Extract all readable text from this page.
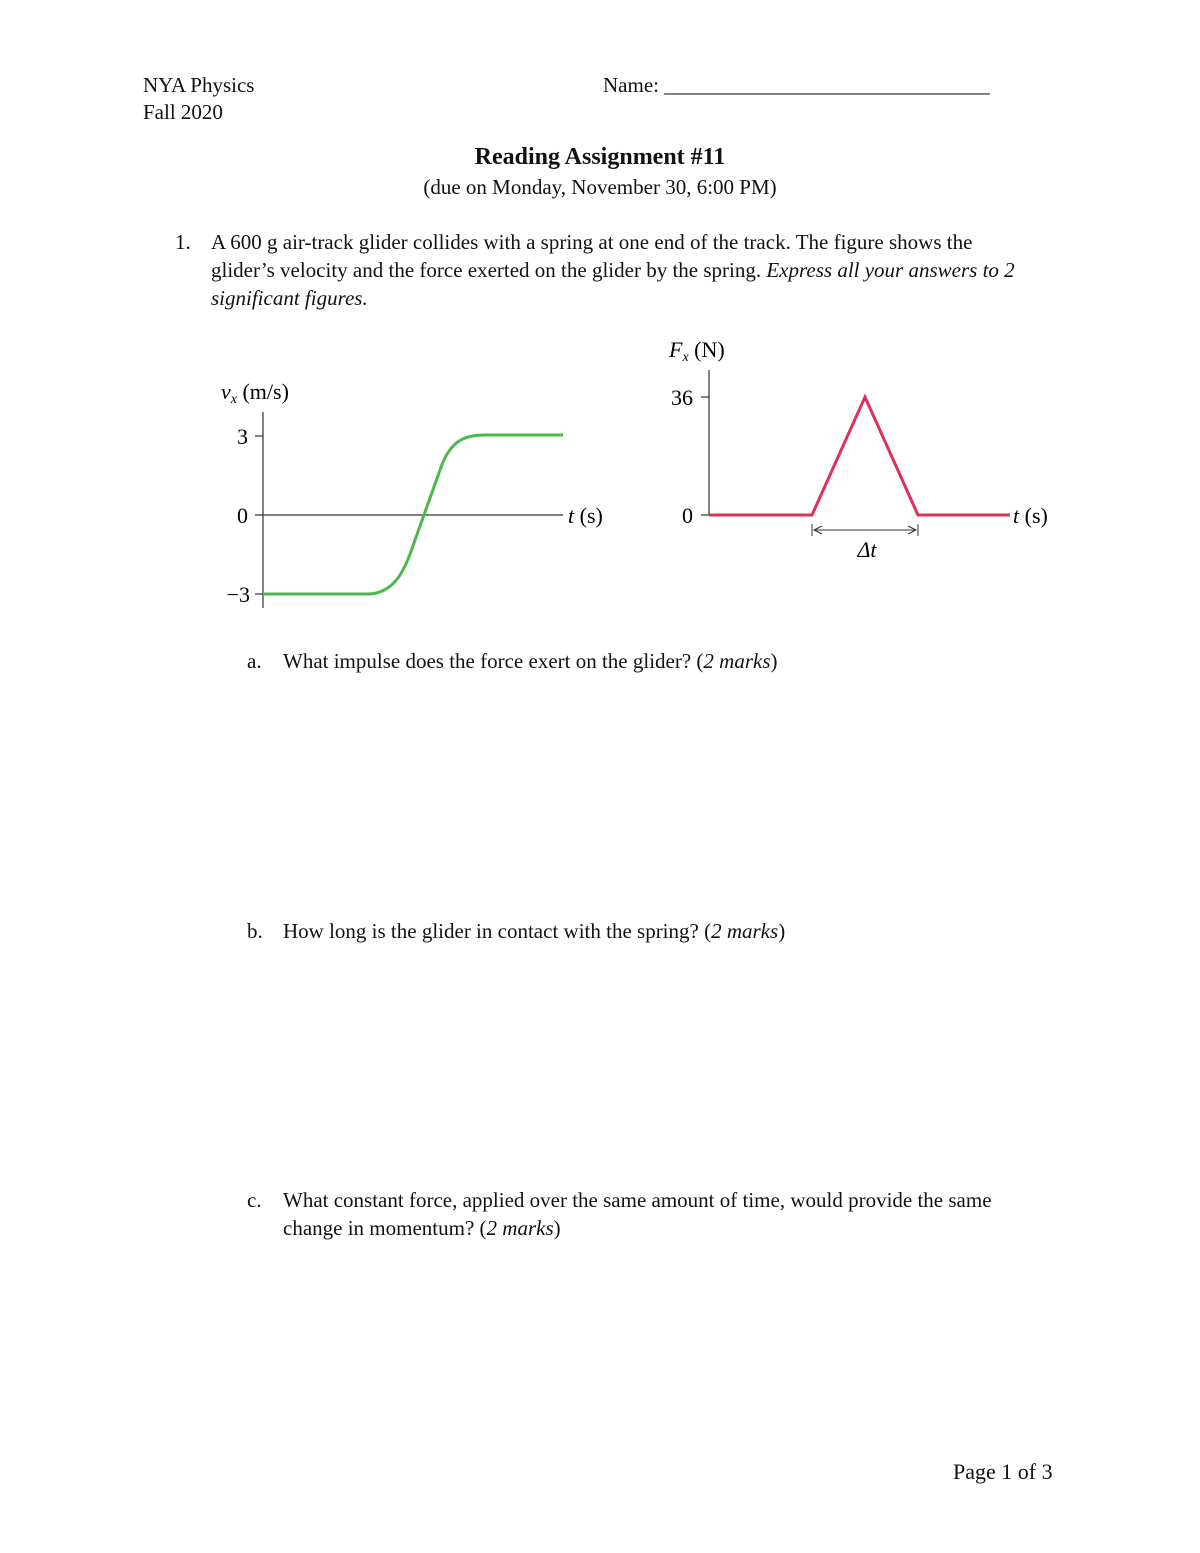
NYA Physics
Fall 2020
Name: _______________________________
Reading Assignment #11
(due on Monday, November 30, 6:00 PM)
1. A 600 g air-track glider collides with a spring at one end of the track. The figure shows the glider’s velocity and the force exerted on the glider by the spring. Express all your answers to 2 significant figures.
vx (m/s)
3
0
−3
t (s)
Fx (N)
36
0	t (s)
Δt
a. What impulse does the force exert on the glider? (2 marks)
b. How long is the glider in contact with the spring? (2 marks)
c. What constant force, applied over the same amount of time, would provide the same change in momentum? (2 marks)
Page 1 of 3
